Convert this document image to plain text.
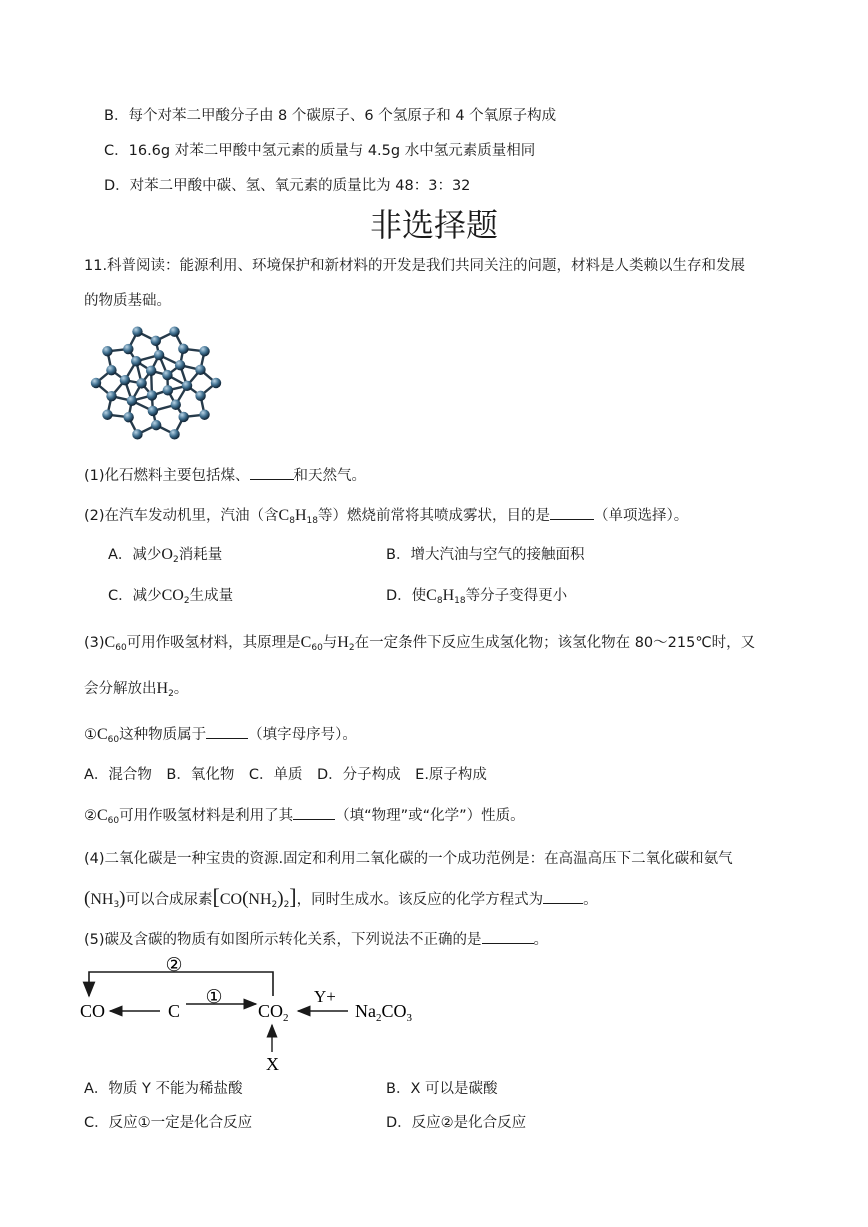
B．每个对苯二甲酸分子由 8 个碳原子、6 个氢原子和 4 个氧原子构成
C．16.6g 对苯二甲酸中氢元素的质量与 4.5g 水中氢元素质量相同
D．对苯二甲酸中碳、氢、氧元素的质量比为 48：3：32
非选择题
11.科普阅读：能源利用、环境保护和新材料的开发是我们共同关注的问题，材料是人类赖以生存和发展
的物质基础。
(1)化石燃料主要包括煤、	和天然气。
(2)在汽车发动机里，汽油（含$C_8H_{18}$等）燃烧前常将其喷成雾状，目的是	（单项选择）。
A．减少$O_2$消耗量	B．增大汽油与空气的接触面积
C．减少$CO_2$生成量	D．使$C_8H_{18}$等分子变得更小
$(3)C_{60}$可用作吸氢材料，其原理是$C_{60}$与$H_2$在一定条件下反应生成氢化物；该氢化物在 80～215℃时，又
会分解放出$H_2$。
$①C_{60}$这种物质属于	（填字母序号）。
A．混合物　B．氧化物　C．单质　D．分子构成　E.原子构成
$②C_{60}$可用作吸氢材料是利用了其	（填“物理”或“化学”）性质。
(4)二氧化碳是一种宝贵的资源.固定和利用二氧化碳的一个成功范例是：在高温高压下二氧化碳和氨气
$(NH_3)$可以合成尿素$[CO(NH_2)_2]$，同时生成水。该反应的化学方程式为	。
(5)碳及含碳的物质有如图所示转化关系，下列说法不正确的是	。
②
①	Y+
X
CO	C	$CO_2$	$Na_2CO_3$
A．物质 Y 不能为稀盐酸	B．X 可以是碳酸
C．反应①一定是化合反应	D．反应②是化合反应
